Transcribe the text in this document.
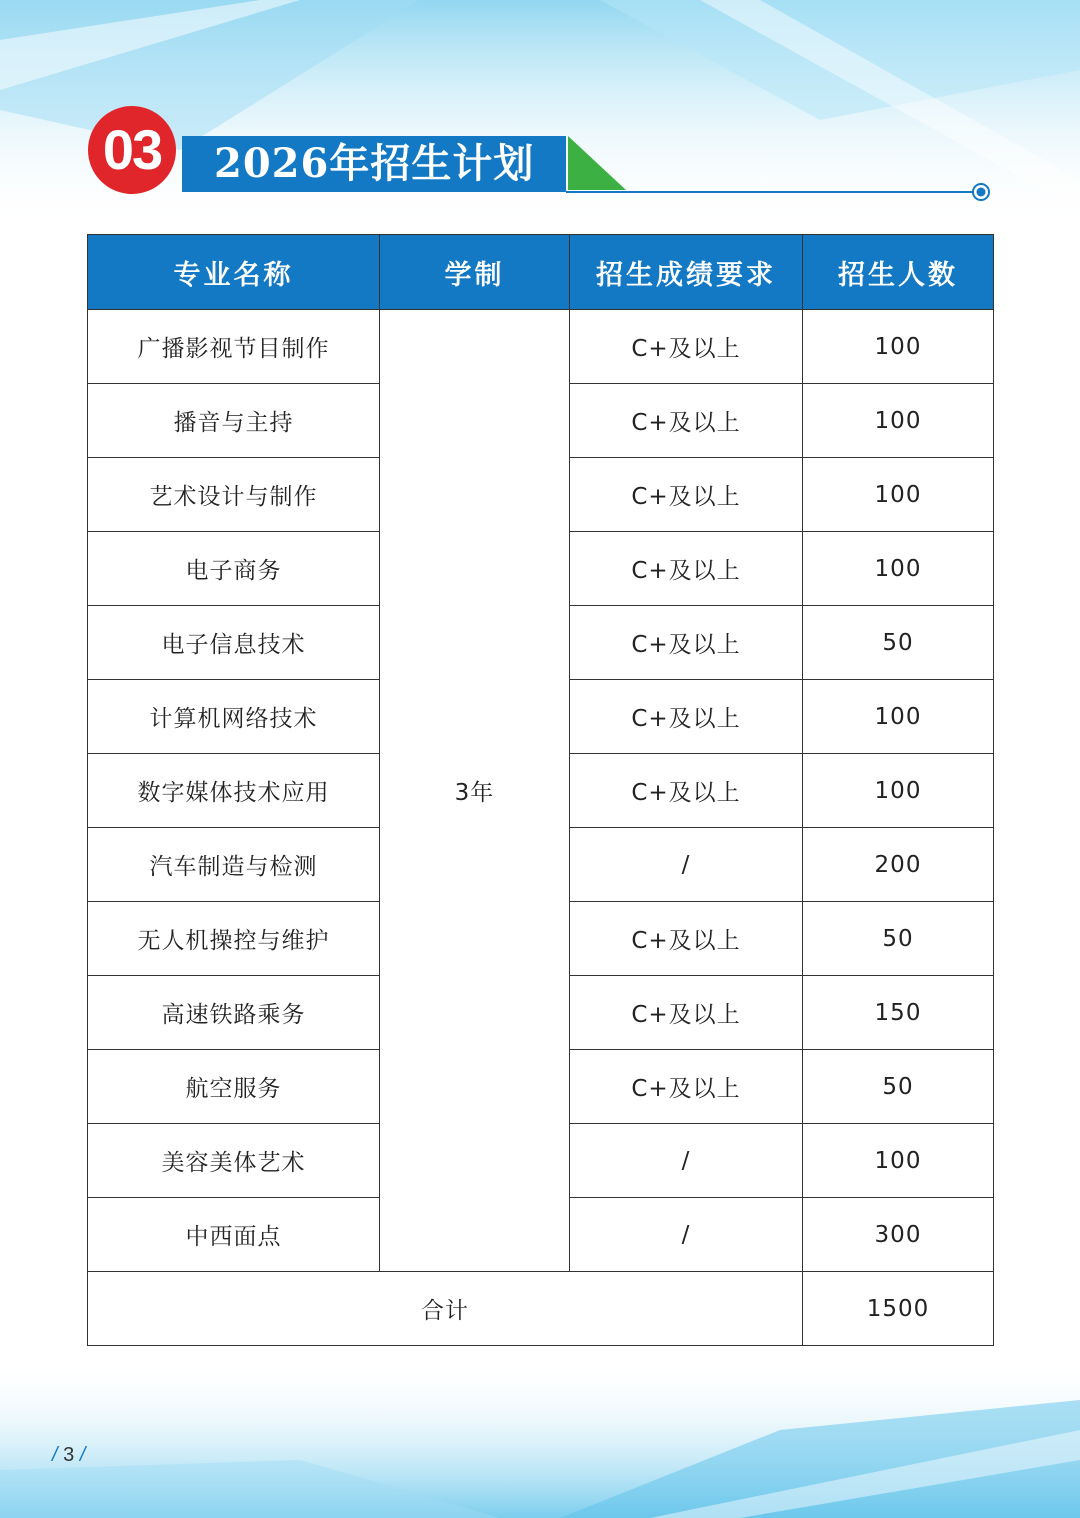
03	2026年招生计划
专业名称	学制	招生成绩要求	招生人数
广播影视节目制作	3年	C+及以上	100
播音与主持		C+及以上	100
艺术设计与制作		C+及以上	100
电子商务		C+及以上	100
电子信息技术		C+及以上	50
计算机网络技术		C+及以上	100
数字媒体技术应用		C+及以上	100
汽车制造与检测		/	200
无人机操控与维护		C+及以上	50
高速铁路乘务		C+及以上	150
航空服务		C+及以上	50
美容美体艺术		/	100
中西面点		/	300
合计			1500
/ 3 /
